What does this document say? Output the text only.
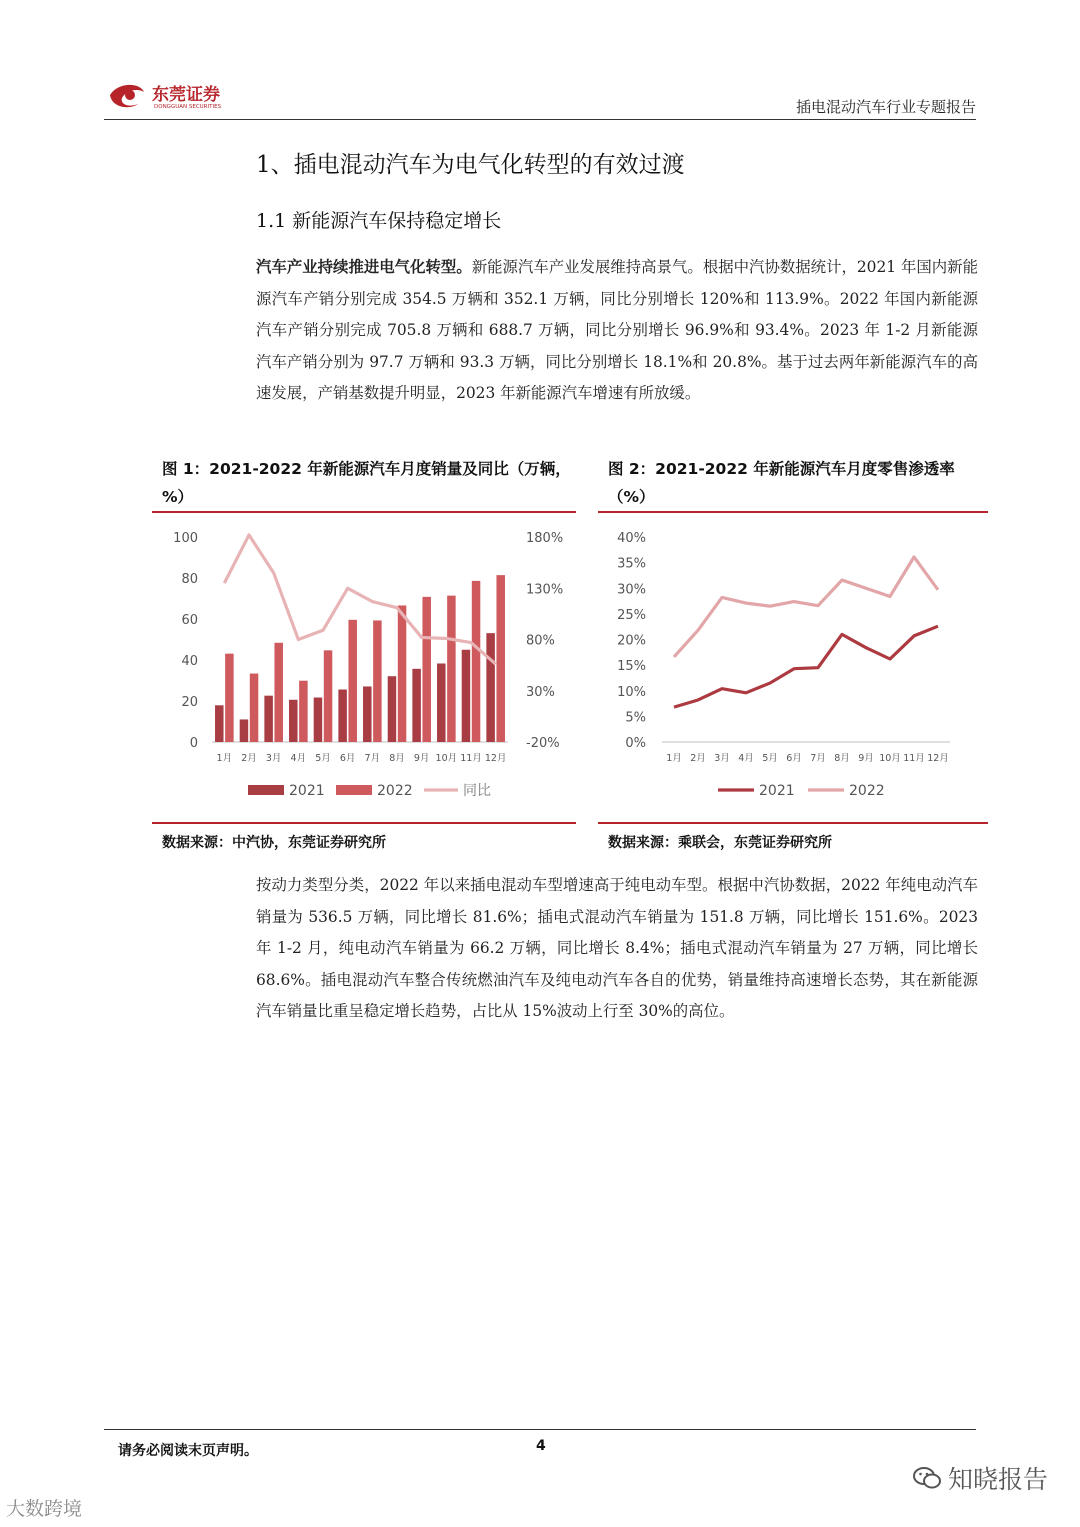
东莞证券
DONGGUAN SECURITIES	插电混动汽车行业专题报告
1、插电混动汽车为电气化转型的有效过渡
1.1 新能源汽车保持稳定增长
汽车产业持续推进电气化转型。新能源汽车产业发展维持高景气。根据中汽协数据统计，2021 年国内新能源汽车产销分别完成 354.5 万辆和 352.1 万辆，同比分别增长 120%和 113.9%。2022 年国内新能源汽车产销分别完成 705.8 万辆和 688.7 万辆，同比分别增长 96.9%和 93.4%。2023 年 1-2 月新能源汽车产销分别为 97.7 万辆和 93.3 万辆，同比分别增长 18.1%和 20.8%。基于过去两年新能源汽车的高速发展，产销基数提升明显，2023 年新能源汽车增速有所放缓。
图 1：2021-2022 年新能源汽车月度销量及同比（万辆，%）
图 2：2021-2022 年新能源汽车月度零售渗透率（%）
0
20
40
60
80
100
-20%
30%
80%
130%
180%
1月 2月 3月 4月 5月 6月 7月 8月 9月 10月 11月 12月
2021	2022	同比
0%
5%
10%
15%
20%
25%
30%
35%
40%
1月 2月 3月 4月 5月 6月 7月 8月 9月 10月 11月 12月
2021	2022
数据来源：中汽协，东莞证券研究所	数据来源：乘联会，东莞证券研究所
按动力类型分类，2022 年以来插电混动车型增速高于纯电动车型。根据中汽协数据，2022 年纯电动汽车销量为 536.5 万辆，同比增长 81.6%；插电式混动汽车销量为 151.8 万辆，同比增长 151.6%。2023 年 1-2 月，纯电动汽车销量为 66.2 万辆，同比增长 8.4%；插电式混动汽车销量为 27 万辆，同比增长 68.6%。插电混动汽车整合传统燃油汽车及纯电动汽车各自的优势，销量维持高速增长态势，其在新能源汽车销量比重呈稳定增长趋势，占比从 15%波动上行至 30%的高位。
请务必阅读末页声明。	4
大数跨境
知晓报告
